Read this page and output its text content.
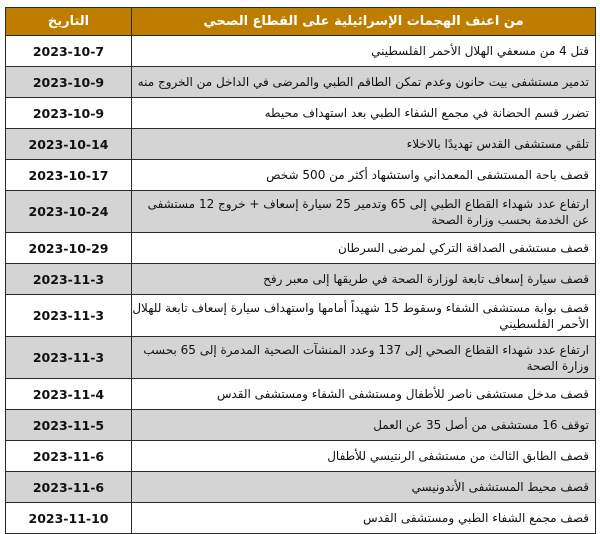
من اعنف الهجمات الإسرائيلية على القطاع الصحي	التاريخ
قتل 4 من مسعفي الهلال الأحمر الفلسطيني	2023-10-7
تدمير مستشفى بيت حانون وعدم تمكن الطاقم الطبي والمرضى في الداخل من الخروج منه	2023-10-9
تضرر قسم الحضانة في مجمع الشفاء الطبي بعد استهداف محيطه	2023-10-9
تلقي مستشفى القدس تهديدًا بالاخلاء	2023-10-14
قصف باحة المستشفى المعمداني واستشهاد أكثر من 500 شخص	2023-10-17
ارتفاع عدد شهداء القطاع الطبي إلى 65 وتدمير 25 سيارة إسعاف + خروج 12 مستشفى عن الخدمة بحسب وزارة الصحة	2023-10-24
قصف مستشفى الصداقة التركي لمرضى السرطان	2023-10-29
قصف سيارة إسعاف تابعة لوزارة الصحة في طريقها إلى معبر رفح	2023-11-3
قصف بوابة مستشفى الشفاء وسقوط 15 شهيداً أمامها واستهداف سيارة إسعاف تابعة للهلال الأحمر الفلسطيني	2023-11-3
ارتفاع عدد شهداء القطاع الصحي إلى 137 وعدد المنشآت الصحية المدمرة إلى 65 بحسب وزارة الصحة	2023-11-3
قصف مدخل مستشفى ناصر للأطفال ومستشفى الشفاء ومستشفى القدس	2023-11-4
توقف 16 مستشفى من أصل 35 عن العمل	2023-11-5
قصف الطابق الثالث من مستشفى الرنتيسي للأطفال	2023-11-6
قصف محيط المستشفى الأندونيسي	2023-11-6
قصف مجمع الشفاء الطبي ومستشفى القدس	2023-11-10
